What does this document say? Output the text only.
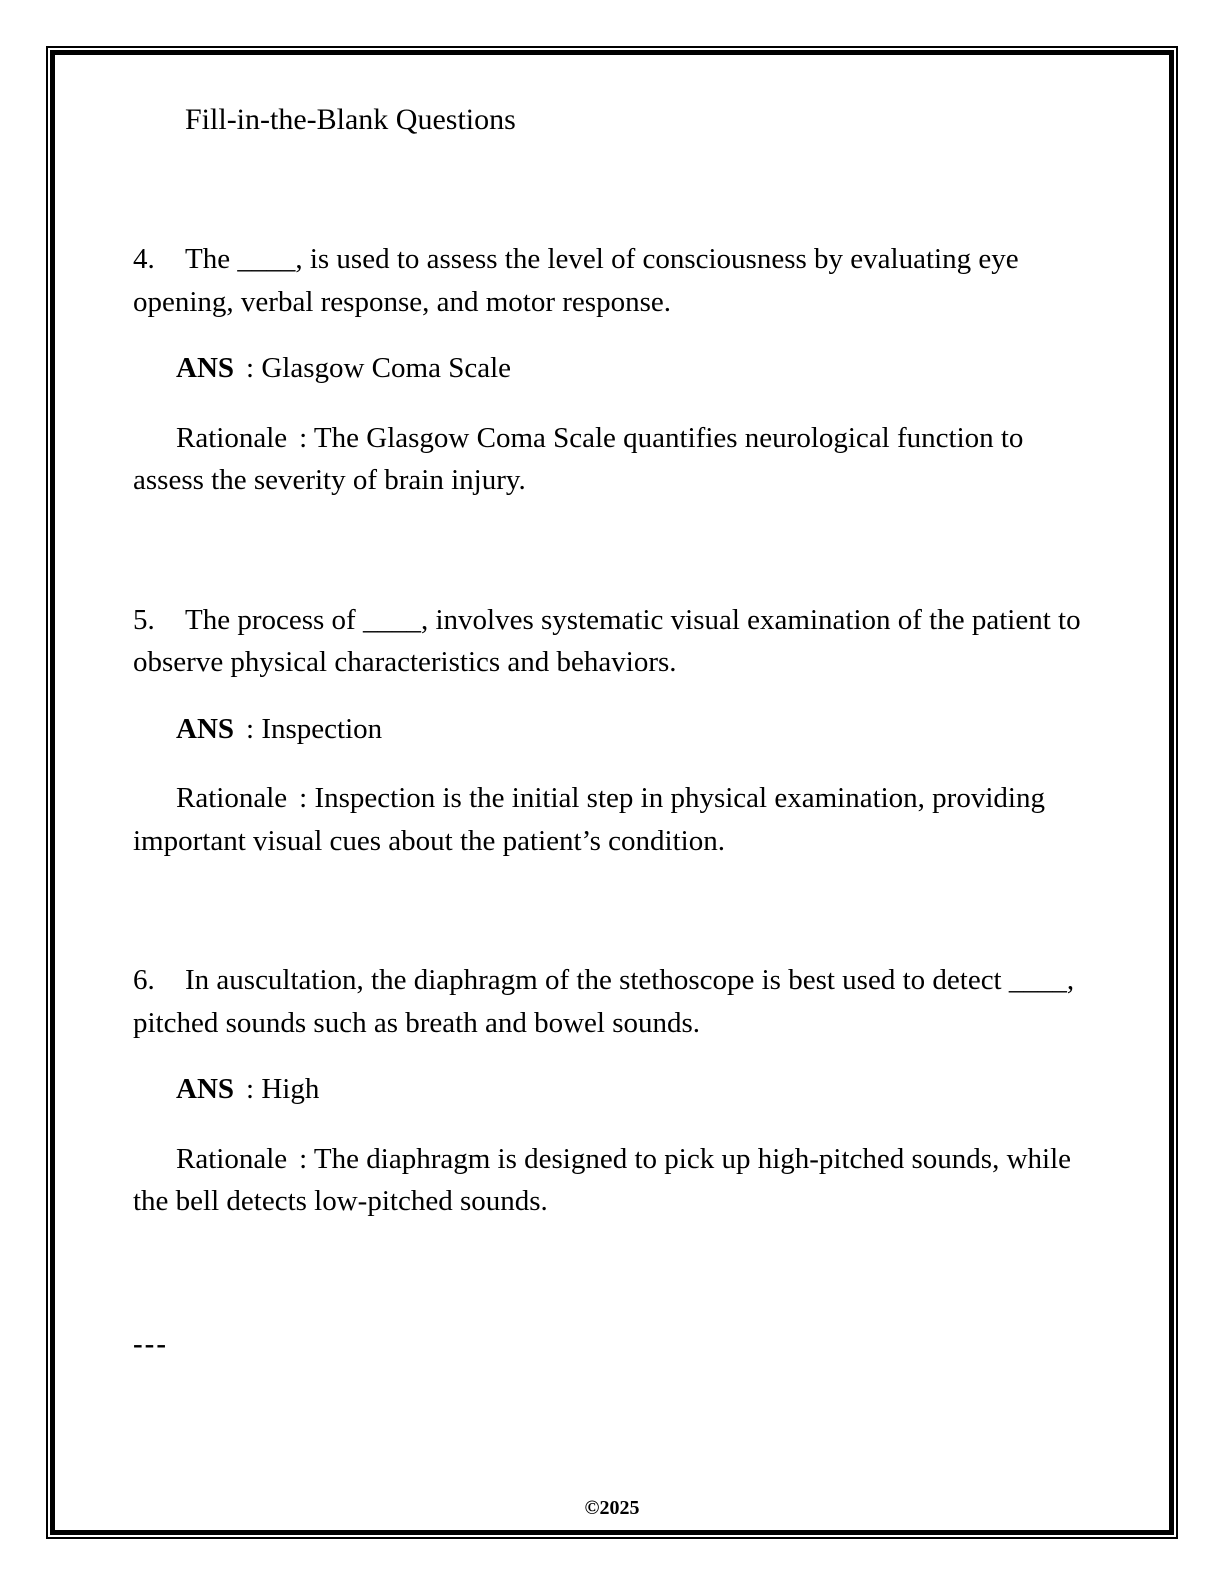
Fill-in-the-Blank Questions

4. The ____, is used to assess the level of consciousness by evaluating eye opening, verbal response, and motor response.

ANS : Glasgow Coma Scale

Rationale : The Glasgow Coma Scale quantifies neurological function to assess the severity of brain injury.

5. The process of ____, involves systematic visual examination of the patient to observe physical characteristics and behaviors.

ANS : Inspection

Rationale : Inspection is the initial step in physical examination, providing important visual cues about the patient’s condition.

6. In auscultation, the diaphragm of the stethoscope is best used to detect ____, pitched sounds such as breath and bowel sounds.

ANS : High

Rationale : The diaphragm is designed to pick up high-pitched sounds, while the bell detects low-pitched sounds.

---

©2025
